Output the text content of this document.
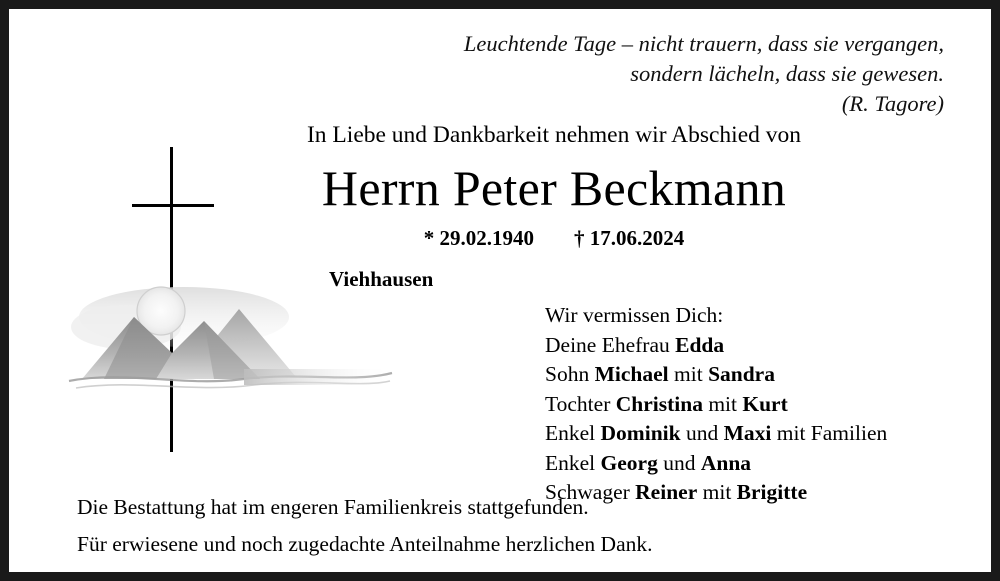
Leuchtende Tage – nicht trauern, dass sie vergangen,
sondern lächeln, dass sie gewesen.

(R. Tagore)
In Liebe und Dankbarkeit nehmen wir Abschied von
Herrn Peter Beckmann
* 29.02.1940 † 17.06.2024
Viehhausen
Wir vermissen Dich:
Deine Ehefrau Edda
Sohn Michael mit Sandra
Tochter Christina mit Kurt
Enkel Dominik und Maxi mit Familien
Enkel Georg und Anna
Schwager Reiner mit Brigitte
Die Bestattung hat im engeren Familienkreis stattgefunden.
Für erwiesene und noch zugedachte Anteilnahme herzlichen Dank.
